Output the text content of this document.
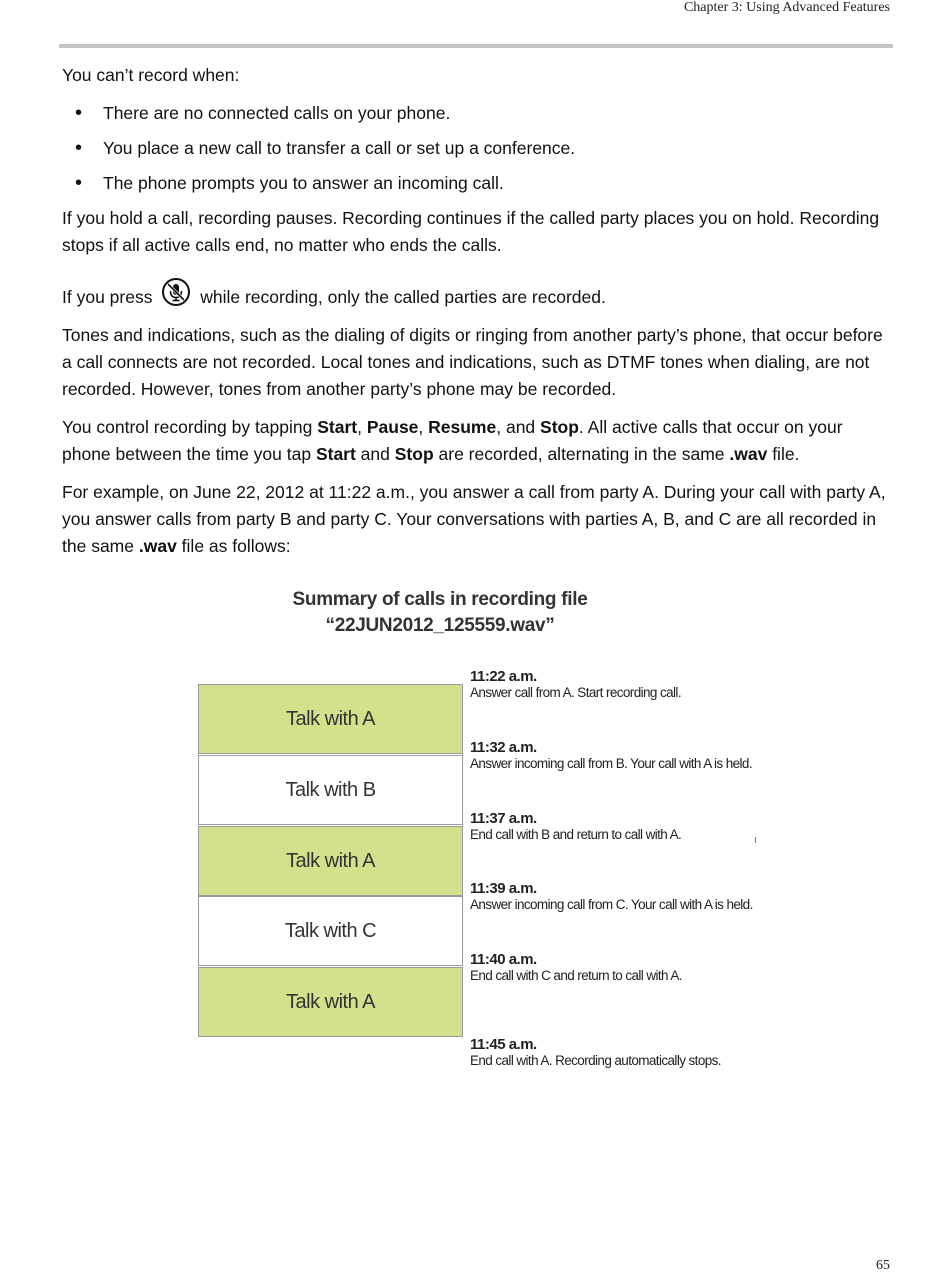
Chapter 3: Using Advanced Features

You can’t record when:

• There are no connected calls on your phone.
• You place a new call to transfer a call or set up a conference.
• The phone prompts you to answer an incoming call.

If you hold a call, recording pauses. Recording continues if the called party places you on hold. Recording stops if all active calls end, no matter who ends the calls.

If you press	while recording, only the called parties are recorded.

Tones and indications, such as the dialing of digits or ringing from another party’s phone, that occur before a call connects are not recorded. Local tones and indications, such as DTMF tones when dialing, are not recorded. However, tones from another party’s phone may be recorded.

You control recording by tapping Start, Pause, Resume, and Stop. All active calls that occur on your phone between the time you tap Start and Stop are recorded, alternating in the same .wav file.

For example, on June 22, 2012 at 11:22 a.m., you answer a call from party A. During your call with party A, you answer calls from party B and party C. Your conversations with parties A, B, and C are all recorded in the same .wav file as follows:

Summary of calls in recording file
“22JUN2012_125559.wav”
Talk with A
Talk with B
Talk with A
Talk with C
Talk with A
11:22 a.m.
Answer call from A. Start recording call.
11:32 a.m.
Answer incoming call from B. Your call with A is held.
11:37 a.m.
End call with B and return to call with A.
11:39 a.m.
Answer incoming call from C. Your call with A is held.
11:40 a.m.
End call with C and return to call with A.
11:45 a.m.
End call with A. Recording automatically stops.
65
